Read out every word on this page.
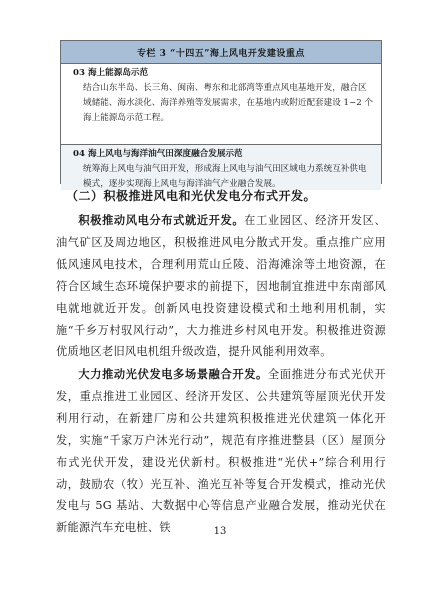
专栏 3 “十四五”海上风电开发建设重点
03 海上能源岛示范
结合山东半岛、长三角、闽南、粤东和北部湾等重点风电基地开发，融合区域储能、海水淡化、海洋养殖等发展需求，在基地内或附近配套建设 1~2 个海上能源岛示范工程。
04 海上风电与海洋油气田深度融合发展示范
统筹海上风电与油气田开发，形成海上风电与油气田区域电力系统互补供电模式，逐步实现海上风电与海洋油气产业融合发展。
（二）积极推进风电和光伏发电分布式开发。

积极推动风电分布式就近开发。在工业园区、经济开发区、油气矿区及周边地区，积极推进风电分散式开发。重点推广应用低风速风电技术，合理利用荒山丘陵、沿海滩涂等土地资源，在符合区域生态环境保护要求的前提下，因地制宜推进中东南部风电就地就近开发。创新风电投资建设模式和土地利用机制，实施“千乡万村驭风行动”，大力推进乡村风电开发。积极推进资源优质地区老旧风电机组升级改造，提升风能利用效率。

大力推动光伏发电多场景融合开发。全面推进分布式光伏开发，重点推进工业园区、经济开发区、公共建筑等屋顶光伏开发利用行动，在新建厂房和公共建筑积极推进光伏建筑一体化开发，实施“千家万户沐光行动”，规范有序推进整县（区）屋顶分布式光伏开发，建设光伏新村。积极推进“光伏+”综合利用行动，鼓励农（牧）光互补、渔光互补等复合开发模式，推动光伏发电与 5G 基站、大数据中心等信息产业融合发展，推动光伏在新能源汽车充电桩、铁	13
